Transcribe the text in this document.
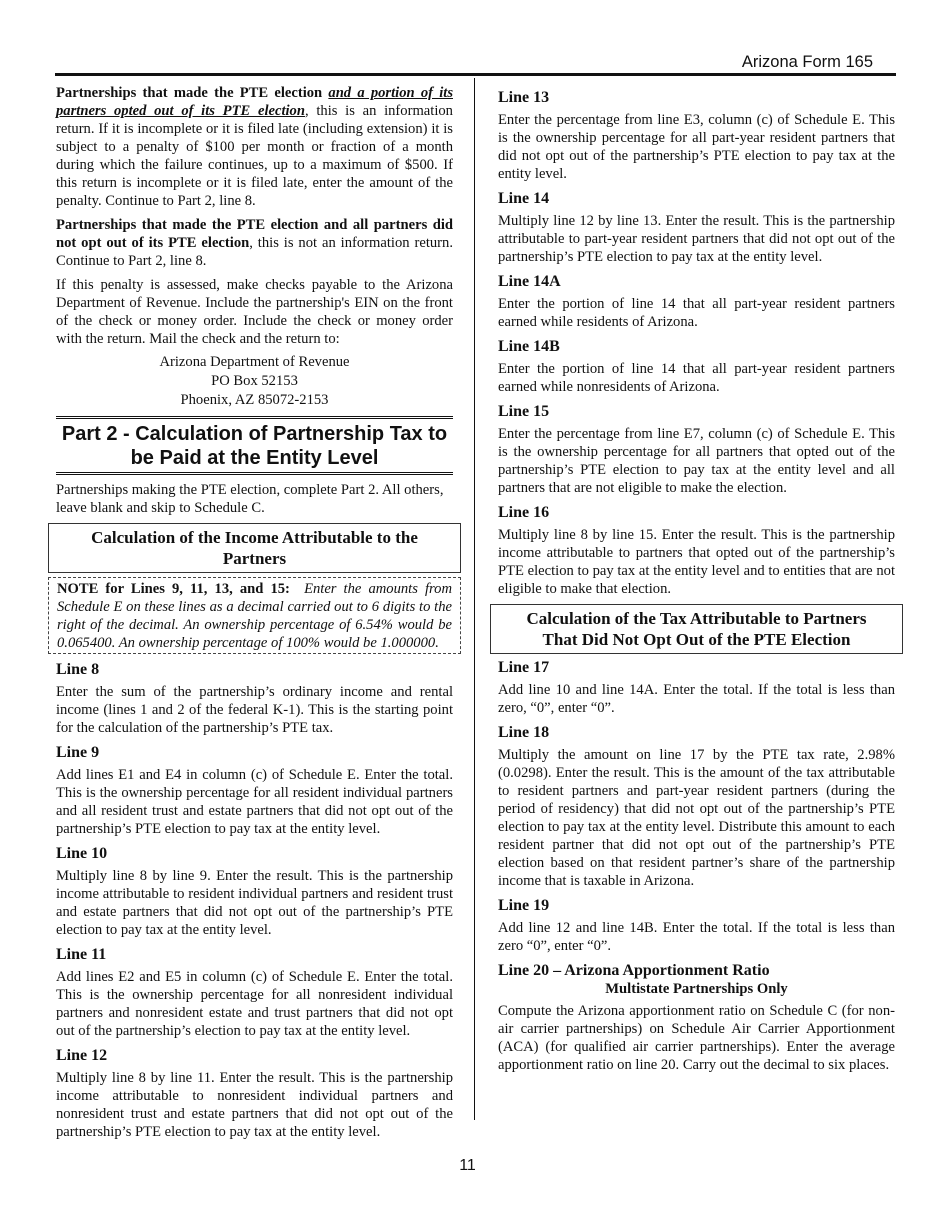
Arizona Form 165

Partnerships that made the PTE election and a portion of its partners opted out of its PTE election, this is an information return. If it is incomplete or it is filed late (including extension) it is subject to a penalty of $100 per month or fraction of a month during which the failure continues, up to a maximum of $500. If this return is incomplete or it is filed late, enter the amount of the penalty. Continue to Part 2, line 8.

Partnerships that made the PTE election and all partners did not opt out of its PTE election, this is not an information return. Continue to Part 2, line 8.

If this penalty is assessed, make checks payable to the Arizona Department of Revenue. Include the partnership's EIN on the front of the check or money order. Include the check or money order with the return. Mail the check and the return to:

Arizona Department of Revenue
PO Box 52153
Phoenix, AZ 85072-2153
Part 2 - Calculation of Partnership Tax to
be Paid at the Entity Level

Partnerships making the PTE election, complete Part 2. All others, leave blank and skip to Schedule C.

Calculation of the Income Attributable to the
Partners
NOTE for Lines 9, 11, 13, and 15: Enter the amounts from Schedule E on these lines as a decimal carried out to 6 digits to the right of the decimal. An ownership percentage of 6.54% would be 0.065400. An ownership percentage of 100% would be 1.000000.
Line 8

Enter the sum of the partnership’s ordinary income and rental income (lines 1 and 2 of the federal K-1). This is the starting point for the calculation of the partnership’s PTE tax.

Line 9

Add lines E1 and E4 in column (c) of Schedule E. Enter the total. This is the ownership percentage for all resident individual partners and all resident trust and estate partners that did not opt out of the partnership’s PTE election to pay tax at the entity level.

Line 10

Multiply line 8 by line 9. Enter the result. This is the partnership income attributable to resident individual partners and resident trust and estate partners that did not opt out of the partnership’s PTE election to pay tax at the entity level.

Line 11

Add lines E2 and E5 in column (c) of Schedule E. Enter the total. This is the ownership percentage for all nonresident individual partners and nonresident estate and trust partners that did not opt out of the partnership’s election to pay tax at the entity level.

Line 12

Multiply line 8 by line 11. Enter the result. This is the partnership income attributable to nonresident individual partners and nonresident trust and estate partners that did not opt out of the partnership’s PTE election to pay tax at the entity level.

Line 13

Enter the percentage from line E3, column (c) of Schedule E. This is the ownership percentage for all part-year resident partners that did not opt out of the partnership’s PTE election to pay tax at the entity level.

Line 14

Multiply line 12 by line 13. Enter the result. This is the partnership attributable to part-year resident partners that did not opt out of the partnership’s PTE election to pay tax at the entity level.

Line 14A

Enter the portion of line 14 that all part-year resident partners earned while residents of Arizona.

Line 14B

Enter the portion of line 14 that all part-year resident partners earned while nonresidents of Arizona.

Line 15

Enter the percentage from line E7, column (c) of Schedule E. This is the ownership percentage for all partners that opted out of the partnership’s PTE election to pay tax at the entity level and all partners that are not eligible to make the election.

Line 16

Multiply line 8 by line 15. Enter the result. This is the partnership income attributable to partners that opted out of the partnership’s PTE election to pay tax at the entity level and to entities that are not eligible to make that election.

Calculation of the Tax Attributable to Partners
That Did Not Opt Out of the PTE Election
Line 17

Add line 10 and line 14A. Enter the total. If the total is less than zero, “0”, enter “0”.

Line 18

Multiply the amount on line 17 by the PTE tax rate, 2.98% (0.0298). Enter the result. This is the amount of the tax attributable to resident partners and part-year resident partners (during the period of residency) that did not opt out of the partnership’s PTE election to pay tax at the entity level. Distribute this amount to each resident partner that did not opt out of the partnership’s PTE election based on that resident partner’s share of the partnership income that is taxable in Arizona.

Line 19

Add line 12 and line 14B. Enter the total. If the total is less than zero “0”, enter “0”.

Line 20 – Arizona Apportionment Ratio
Multistate Partnerships Only

Compute the Arizona apportionment ratio on Schedule C (for non-air carrier partnerships) on Schedule Air Carrier Apportionment (ACA) (for qualified air carrier partnerships). Enter the average apportionment ratio on line 20. Carry out the decimal to six places.

11
